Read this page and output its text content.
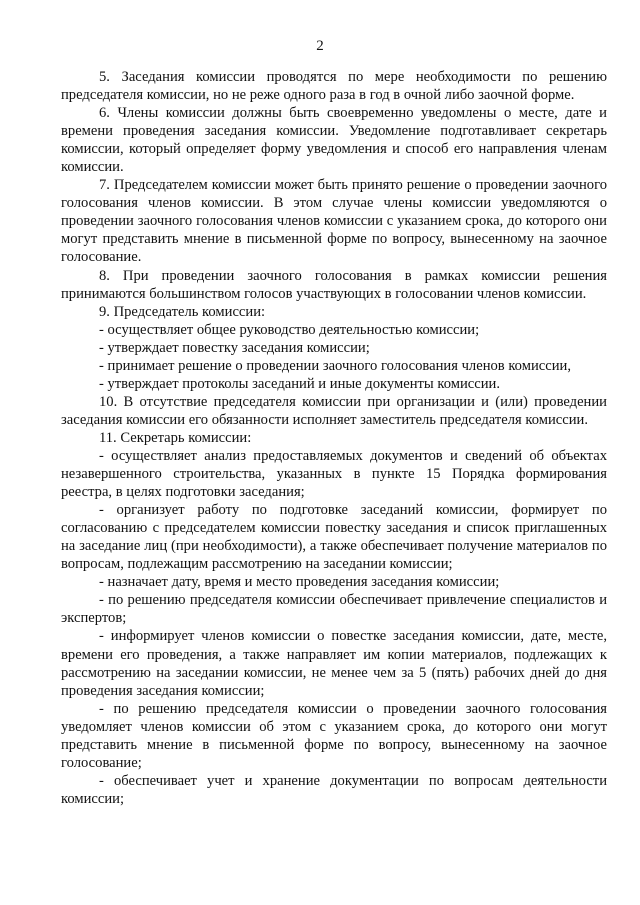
2

5. Заседания комиссии проводятся по мере необходимости по решению председателя комиссии, но не реже одного раза в год в очной либо заочной форме.

6. Члены комиссии должны быть своевременно уведомлены о месте, дате и времени проведения заседания комиссии. Уведомление подготавливает секретарь комиссии, который определяет форму уведомления и способ его направления членам комиссии.

7. Председателем комиссии может быть принято решение о проведении заочного голосования членов комиссии. В этом случае члены комиссии уведомляются о проведении заочного голосования членов комиссии с указанием срока, до которого они могут представить мнение в письменной форме по вопросу, вынесенному на заочное голосование.

8. При проведении заочного голосования в рамках комиссии решения принимаются большинством голосов участвующих в голосовании членов комиссии.

9. Председатель комиссии:

- осуществляет общее руководство деятельностью комиссии;

- утверждает повестку заседания комиссии;

- принимает решение о проведении заочного голосования членов комиссии,

- утверждает протоколы заседаний и иные документы комиссии.

10. В отсутствие председателя комиссии при организации и (или) проведении заседания комиссии его обязанности исполняет заместитель председателя комиссии.

11. Секретарь комиссии:

- осуществляет анализ предоставляемых документов и сведений об объектах незавершенного строительства, указанных в пункте 15 Порядка формирования реестра, в целях подготовки заседания;

- организует работу по подготовке заседаний комиссии, формирует по согласованию с председателем комиссии повестку заседания и список приглашенных на заседание лиц (при необходимости), а также обеспечивает получение материалов по вопросам, подлежащим рассмотрению на заседании комиссии;

- назначает дату, время и место проведения заседания комиссии;

- по решению председателя комиссии обеспечивает привлечение специалистов и экспертов;

- информирует членов комиссии о повестке заседания комиссии, дате, месте, времени его проведения, а также направляет им копии материалов, подлежащих к рассмотрению на заседании комиссии, не менее чем за 5 (пять) рабочих дней до дня проведения заседания комиссии;

- по решению председателя комиссии о проведении заочного голосования уведомляет членов комиссии об этом с указанием срока, до которого они могут представить мнение в письменной форме по вопросу, вынесенному на заочное голосование;

- обеспечивает учет и хранение документации по вопросам деятельности комиссии;
